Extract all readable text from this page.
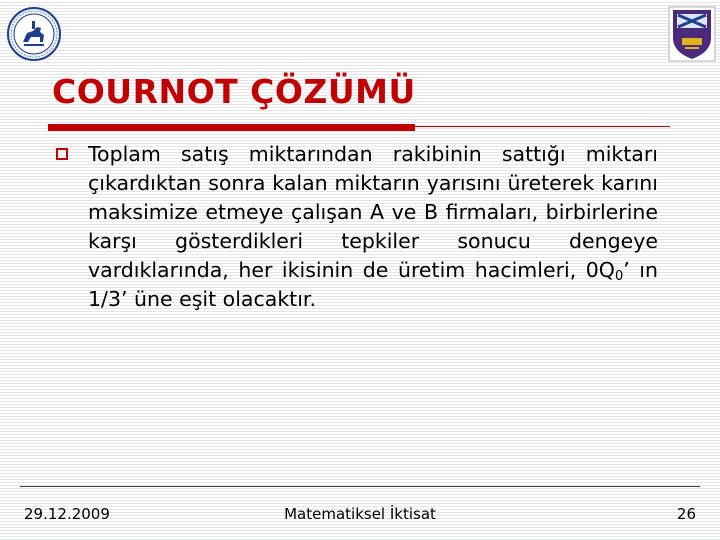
COURNOT ÇÖZÜMÜ

Toplam satış miktarından rakibinin sattığı miktarı çıkardıktan sonra kalan miktarın yarısını üreterek karını maksimize etmeye çalışan A ve B firmaları, birbirlerine karşı gösterdikleri tepkiler sonucu dengeye vardıklarında, her ikisinin de üretim hacimleri, $0Q_0$’ ın 1/3’ üne eşit olacaktır.

29.12.2009	Matematiksel İktisat	26
